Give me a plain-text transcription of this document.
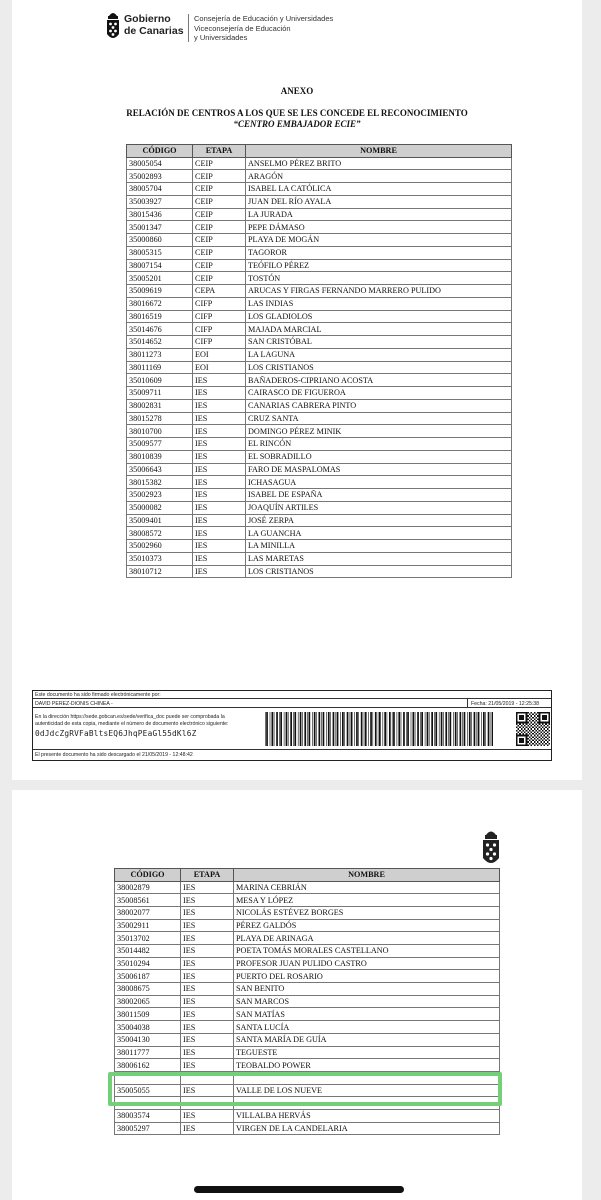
Gobierno
de Canarias
Consejería de Educación y Universidades
Viceconsejería de Educación
y Universidades
ANEXO
RELACIÓN DE CENTROS A LOS QUE SE LES CONCEDE EL RECONOCIMIENTO
“CENTRO EMBAJADOR ECIE”
CÓDIGO	ETAPA	NOMBRE
38005054	CEIP	ANSELMO PÉREZ BRITO
35002893	CEIP	ARAGÓN
38005704	CEIP	ISABEL LA CATÓLICA
35003927	CEIP	JUAN DEL RÍO AYALA
38015436	CEIP	LA JURADA
35001347	CEIP	PEPE DÁMASO
35000860	CEIP	PLAYA DE MOGÁN
38005315	CEIP	TAGOROR
38007154	CEIP	TEÓFILO PÉREZ
35005201	CEIP	TOSTÓN
35009619	CEPA	ARUCAS Y FIRGAS FERNANDO MARRERO PULIDO
38016672	CIFP	LAS INDIAS
38016519	CIFP	LOS GLADIOLOS
35014676	CIFP	MAJADA MARCIAL
35014652	CIFP	SAN CRISTÓBAL
38011273	EOI	LA LAGUNA
38011169	EOI	LOS CRISTIANOS
35010609	IES	BAÑADEROS-CIPRIANO ACOSTA
35009711	IES	CAIRASCO DE FIGUEROA
38002831	IES	CANARIAS CABRERA PINTO
38015278	IES	CRUZ SANTA
38010700	IES	DOMINGO PÉREZ MINIK
35009577	IES	EL RINCÓN
38010839	IES	EL SOBRADILLO
35006643	IES	FARO DE MASPALOMAS
38015382	IES	ICHASAGUA
35002923	IES	ISABEL DE ESPAÑA
35000082	IES	JOAQUÍN ARTILES
35009401	IES	JOSÉ ZERPA
38008572	IES	LA GUANCHA
35002960	IES	LA MINILLA
35010373	IES	LAS MARETAS
38010712	IES	LOS CRISTIANOS
Este documento ha sido firmado electrónicamente por:
DAVID PEREZ-DIONIS CHINEA -	Fecha: 21/05/2019 - 12:25:38
En la dirección https://sede.gobcan.es/sede/verifica_doc puede ser comprobada la
autenticidad de esta copia, mediante el número de documento electrónico siguiente:
0dJdcZgRVFaBltsEQ6JhqPEaGl55dKl6Z
El presente documento ha sido descargado el 21/05/2019 - 12:48:42
CÓDIGO	ETAPA	NOMBRE
38002879	IES	MARINA CEBRIÁN
35008561	IES	MESA Y LÓPEZ
38002077	IES	NICOLÁS ESTÉVEZ BORGES
35002911	IES	PÉREZ GALDÓS
35013702	IES	PLAYA DE ARINAGA
35014482	IES	POETA TOMÁS MORALES CASTELLANO
35010294	IES	PROFESOR JUAN PULIDO CASTRO
35006187	IES	PUERTO DEL ROSARIO
38008675	IES	SAN BENITO
38002065	IES	SAN MARCOS
38011509	IES	SAN MATÍAS
35004038	IES	SANTA LUCÍA
35004130	IES	SANTA MARÍA DE GUÍA
38011777	IES	TEGUESTE
38006162	IES	TEOBALDO POWER

35005055	IES	VALLE DE LOS NUEVE

38003574	IES	VILLALBA HERVÁS
38005297	IES	VIRGEN DE LA CANDELARIA
